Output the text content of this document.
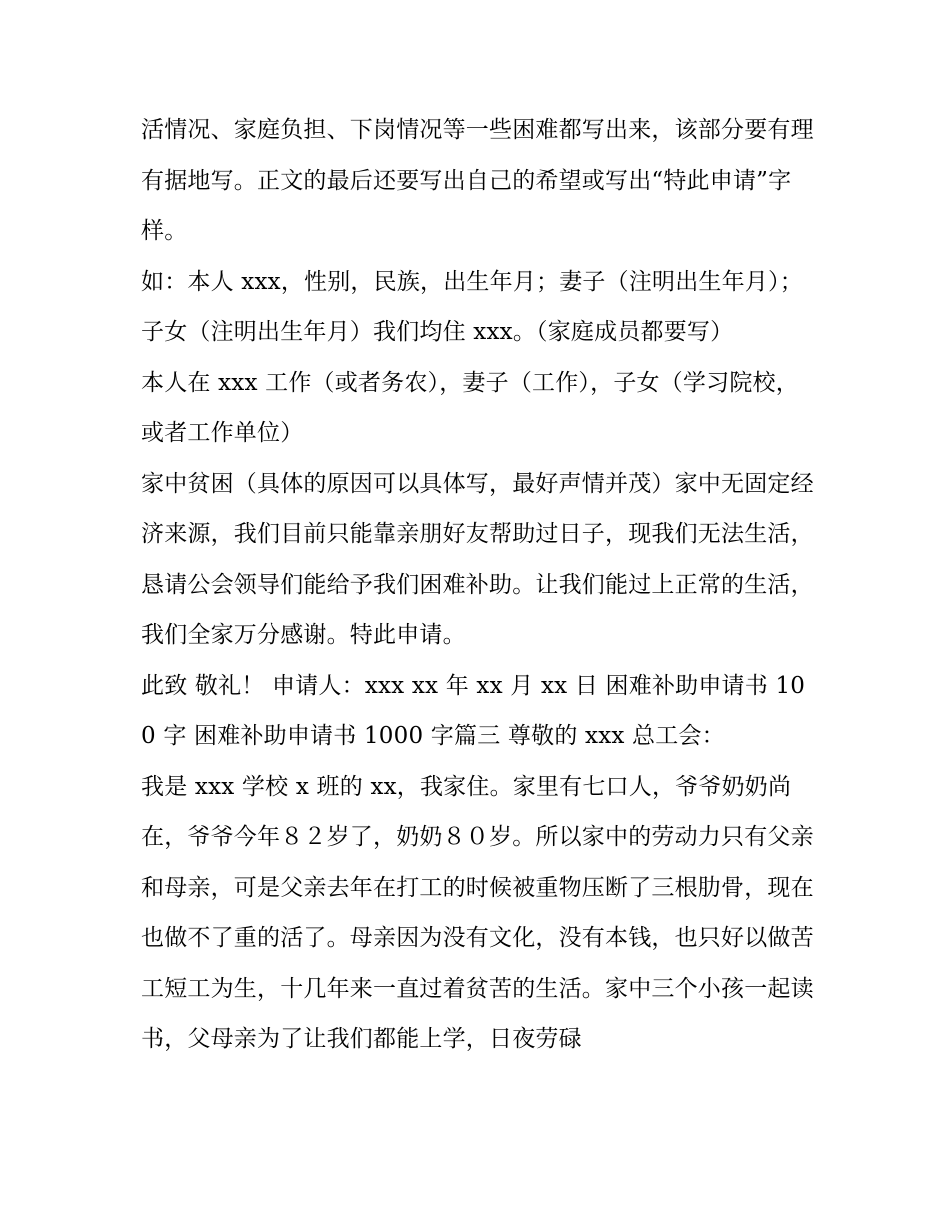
活情况、家庭负担、下岗情况等一些困难都写出来，该部分要有理有据地写。正文的最后还要写出自己的希望或写出“特此申请”字样。

如：本人 xxx，性别，民族，出生年月；妻子（注明出生年月）；子女（注明出生年月）我们均住 xxx。（家庭成员都要写）

本人在 xxx 工作（或者务农），妻子（工作），子女（学习院校，或者工作单位）

家中贫困（具体的原因可以具体写，最好声情并茂）家中无固定经济来源，我们目前只能靠亲朋好友帮助过日子，现我们无法生活，恳请公会领导们能给予我们困难补助。让我们能过上正常的生活，我们全家万分感谢。特此申请。

此致 敬礼！ 申请人：xxx xx 年 xx 月 xx 日 困难补助申请书 100 字 困难补助申请书 1000 字篇三 尊敬的 xxx 总工会：

我是 xxx 学校 x 班的 xx，我家住。家里有七口人，爷爷奶奶尚在，爷爷今年８２岁了，奶奶８０岁。所以家中的劳动力只有父亲和母亲，可是父亲去年在打工的时候被重物压断了三根肋骨，现在也做不了重的活了。母亲因为没有文化，没有本钱，也只好以做苦工短工为生，十几年来一直过着贫苦的生活。家中三个小孩一起读书，父母亲为了让我们都能上学，日夜劳碌
